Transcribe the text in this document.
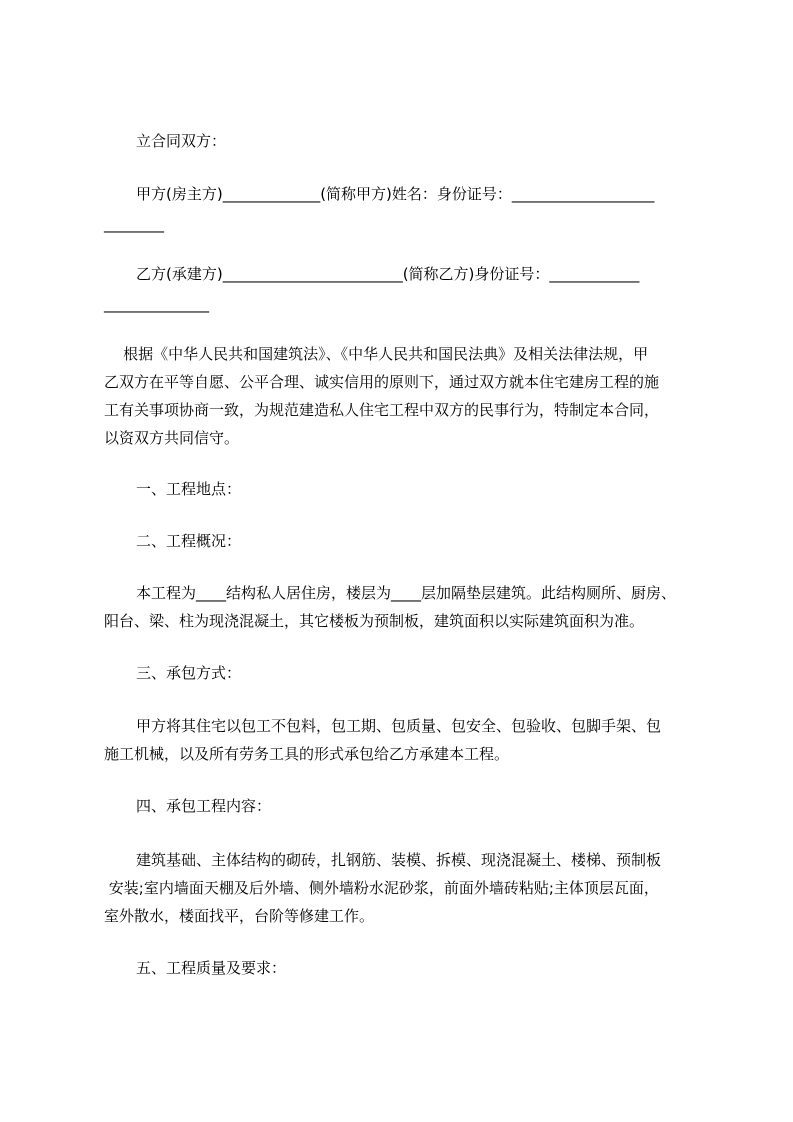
立合同双方：
甲方(房主方)_____________(简称甲方)姓名：身份证号：___________________
________
乙方(承建方)________________________(简称乙方)身份证号：____________
______________
根据《中华人民共和国建筑法》、《中华人民共和国民法典》及相关法律法规，甲
乙双方在平等自愿、公平合理、诚实信用的原则下，通过双方就本住宅建房工程的施
工有关事项协商一致，为规范建造私人住宅工程中双方的民事行为，特制定本合同，
以资双方共同信守。
一、工程地点：
二、工程概况：
本工程为____结构私人居住房，楼层为____层加隔垫层建筑。此结构厕所、厨房、
阳台、梁、柱为现浇混凝土，其它楼板为预制板，建筑面积以实际建筑面积为准。
三、承包方式：
甲方将其住宅以包工不包料，包工期、包质量、包安全、包验收、包脚手架、包
施工机械，以及所有劳务工具的形式承包给乙方承建本工程。
四、承包工程内容：
建筑基础、主体结构的砌砖，扎钢筋、装模、拆模、现浇混凝土、楼梯、预制板
安装;室内墙面天棚及后外墙、侧外墙粉水泥砂浆，前面外墙砖粘贴;主体顶层瓦面，
室外散水，楼面找平，台阶等修建工作。
五、工程质量及要求：
